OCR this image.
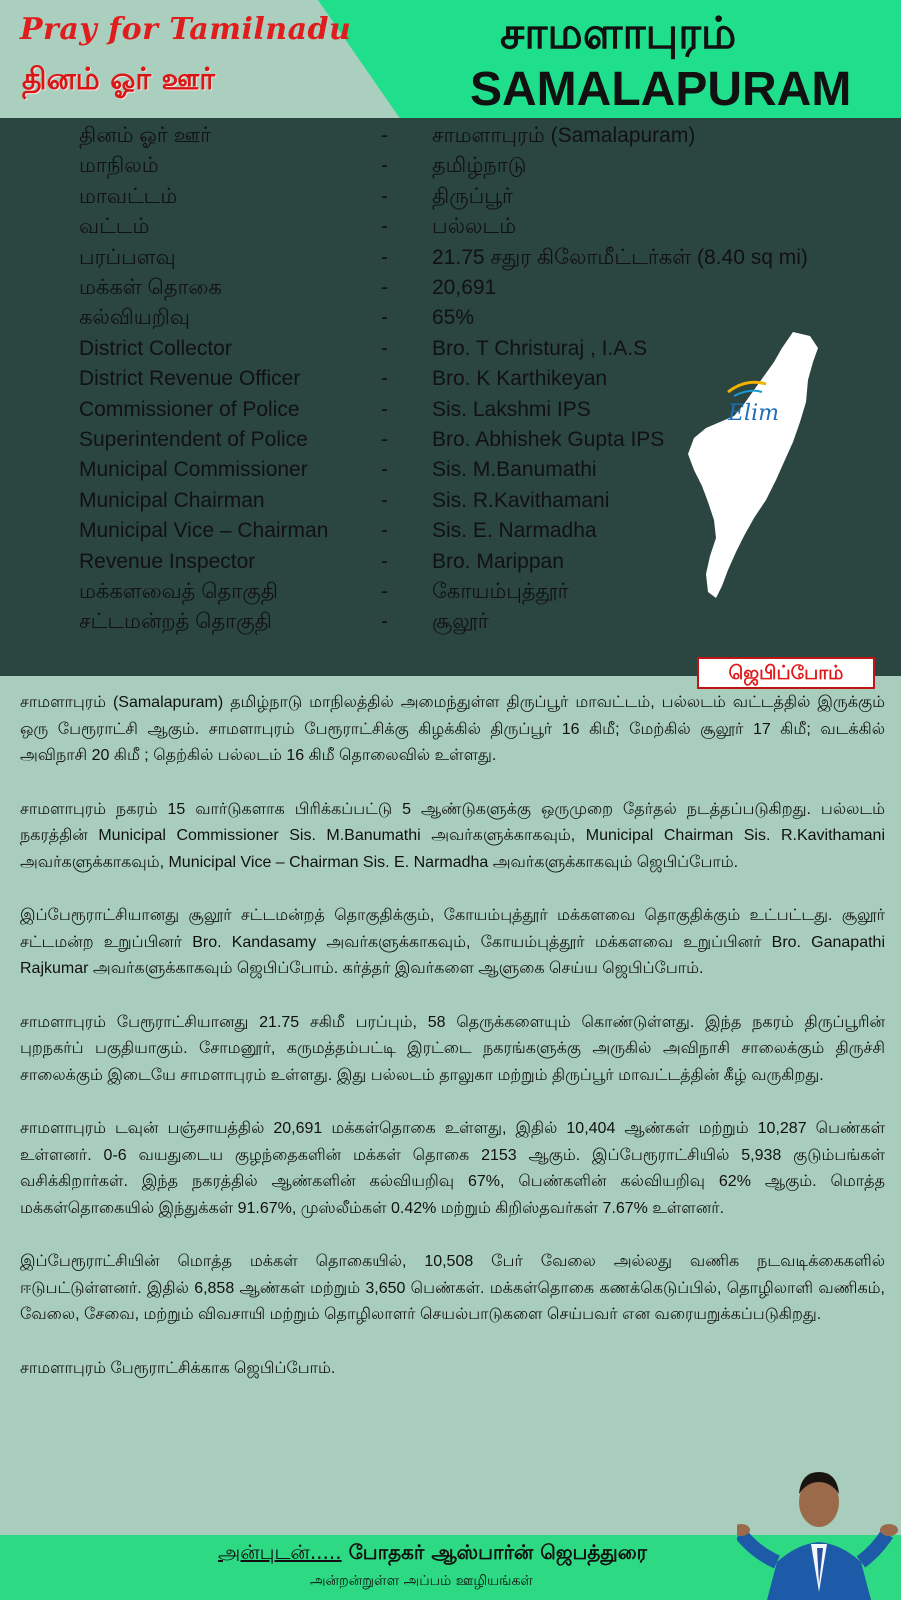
Pray for Tamilnadu
தினம் ஓர் ஊர்
சாமளாபுரம்
SAMALAPURAM
தினம் ஓர் ஊர்	- சாமளாபுரம் (Samalapuram)
மாநிலம்	- தமிழ்நாடு
மாவட்டம்	- திருப்பூர்
வட்டம்	- பல்லடம்
பரப்பளவு	- 21.75 சதுர கிலோமீட்டர்கள் (8.40 sq mi)
மக்கள் தொகை	- 20,691
கல்வியறிவு	- 65%
District Collector	- Bro. T Christuraj , I.A.S
District Revenue Officer	- Bro. K Karthikeyan
Commissioner of Police	- Sis. Lakshmi IPS
Superintendent of Police	- Bro. Abhishek Gupta IPS
Municipal Commissioner	- Sis. M.Banumathi
Municipal Chairman	- Sis. R.Kavithamani
Municipal Vice – Chairman	- Sis. E. Narmadha
Revenue Inspector	- Bro. Marippan
மக்களவைத் தொகுதி	- கோயம்புத்தூர்
சட்டமன்றத் தொகுதி	- சூலூர்
Elim
ஜெபிப்போம்

சாமளாபுரம் (Samalapuram) தமிழ்நாடு மாநிலத்தில் அமைந்துள்ள திருப்பூர் மாவட்டம், பல்லடம் வட்டத்தில் இருக்கும் ஒரு பேரூராட்சி ஆகும். சாமளாபுரம் பேரூராட்சிக்கு கிழக்கில் திருப்பூர் 16 கிமீ; மேற்கில் சூலூர் 17 கிமீ; வடக்கில் அவிநாசி 20 கிமீ ; தெற்கில் பல்லடம் 16 கிமீ தொலைவில் உள்ளது.

சாமளாபுரம் நகரம் 15 வார்டுகளாக பிரிக்கப்பட்டு 5 ஆண்டுகளுக்கு ஒருமுறை தேர்தல் நடத்தப்படுகிறது. பல்லடம் நகரத்தின் Municipal Commissioner Sis. M.Banumathi அவர்களுக்காகவும், Municipal Chairman Sis. R.Kavithamani அவர்களுக்காகவும், Municipal Vice – Chairman Sis. E. Narmadha அவர்களுக்காகவும் ஜெபிப்போம்.

இப்பேரூராட்சியானது சூலூர் சட்டமன்றத் தொகுதிக்கும், கோயம்புத்தூர் மக்களவை தொகுதிக்கும் உட்பட்டது. சூலூர் சட்டமன்ற உறுப்பினர் Bro. Kandasamy அவர்களுக்காகவும், கோயம்புத்தூர் மக்களவை உறுப்பினர் Bro. Ganapathi Rajkumar அவர்களுக்காகவும் ஜெபிப்போம். கர்த்தர் இவர்களை ஆளுகை செய்ய ஜெபிப்போம்.

சாமளாபுரம் பேரூராட்சியானது 21.75 சகிமீ பரப்பும், 58 தெருக்களையும் கொண்டுள்ளது. இந்த நகரம் திருப்பூரின் புறநகர்ப் பகுதியாகும். சோமனூர், கருமத்தம்பட்டி இரட்டை நகரங்களுக்கு அருகில் அவிநாசி சாலைக்கும் திருச்சி சாலைக்கும் இடையே சாமளாபுரம் உள்ளது. இது பல்லடம் தாலுகா மற்றும் திருப்பூர் மாவட்டத்தின் கீழ் வருகிறது.

சாமளாபுரம் டவுன் பஞ்சாயத்தில் 20,691 மக்கள்தொகை உள்ளது, இதில் 10,404 ஆண்கள் மற்றும் 10,287 பெண்கள் உள்ளனர். 0-6 வயதுடைய குழந்தைகளின் மக்கள் தொகை 2153 ஆகும். இப்பேரூராட்சியில் 5,938 குடும்பங்கள் வசிக்கிறார்கள். இந்த நகரத்தில் ஆண்களின் கல்வியறிவு 67%, பெண்களின் கல்வியறிவு 62% ஆகும். மொத்த மக்கள்தொகையில் இந்துக்கள் 91.67%, முஸ்லீம்கள் 0.42% மற்றும் கிறிஸ்தவர்கள் 7.67% உள்ளனர்.

இப்பேரூராட்சியின் மொத்த மக்கள் தொகையில், 10,508 பேர் வேலை அல்லது வணிக நடவடிக்கைகளில் ஈடுபட்டுள்ளனர். இதில் 6,858 ஆண்கள் மற்றும் 3,650 பெண்கள். மக்கள்தொகை கணக்கெடுப்பில், தொழிலாளி வணிகம், வேலை, சேவை, மற்றும் விவசாயி மற்றும் தொழிலாளர் செயல்பாடுகளை செய்பவர் என வரையறுக்கப்படுகிறது.

சாமளாபுரம் பேரூராட்சிக்காக ஜெபிப்போம்.

அன்புடன்..... போதகர் ஆஸ்பார்ன் ஜெபத்துரை
அன்றன்றுள்ள அப்பம் ஊழியங்கள்
